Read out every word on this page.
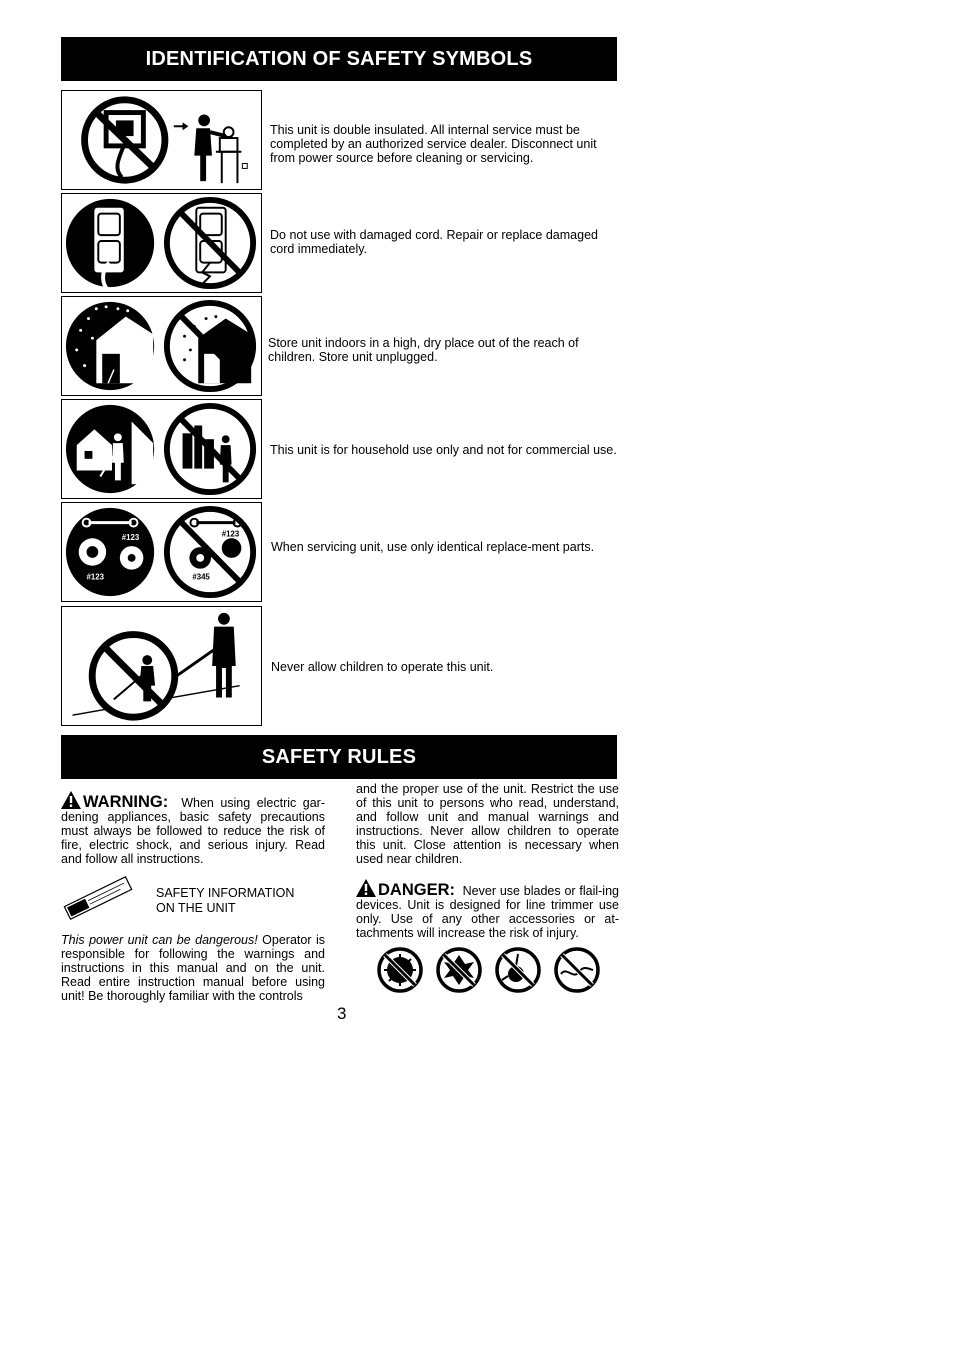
IDENTIFICATION OF SAFETY SYMBOLS
SAFETY RULES
This unit is double insulated. All internal service must be completed by an authorized service dealer. Disconnect unit from power source before cleaning or servicing.
Do not use with damaged cord. Repair or replace damaged cord immediately.
Store unit indoors in a high, dry place out of the reach of children. Store unit unplugged.
This unit is for household use only and not for commercial use.
#123
#123
#123
#345
When servicing unit, use only identical replace-ment parts.
Never allow children to operate this unit.

WARNING: When using electric gar-dening appliances, basic safety precautions must always be followed to reduce the risk of fire, electric shock, and serious injury. Read and follow all instructions.

SAFETY INFORMATION
ON THE UNIT

This power unit can be dangerous! Operator is responsible for following the warnings and instructions in this manual and on the unit. Read entire instruction manual before using unit! Be thoroughly familiar with the controls

and the proper use of the unit. Restrict the use of this unit to persons who read, understand, and follow unit and manual warnings and instructions. Never allow children to operate this unit. Close attention is necessary when used near children.

DANGER: Never use blades or flail-ing devices. Unit is designed for line trimmer use only. Use of any other accessories or at-tachments will increase the risk of injury.

3
